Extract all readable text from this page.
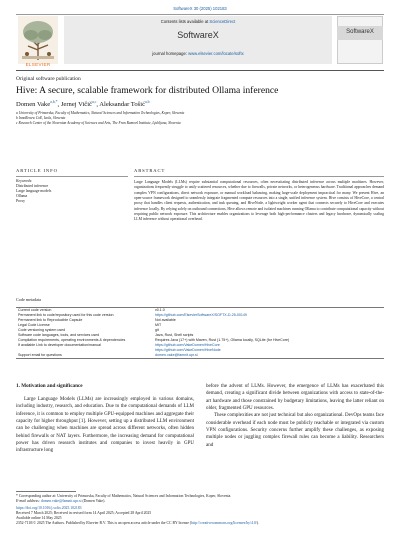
SoftwareX 30 (2025) 102183
ELSEVIER
Contents lists available at ScienceDirect
SoftwareX
journal homepage: www.elsevier.com/locate/softx
SoftwareX
Original software publication
Hive: A secure, scalable framework for distributed Ollama inference
Domen Vake$^{a,b,*}$, Jernej Vičič$^{a,c}$, Aleksandar Tošić$^{a,b}$
a University of Primorska, Faculty of Mathematics, Natural Sciences and Information Technologies, Koper, Slovenia
b InnoRenew CoE, Izola, Slovenia
c Research Centre of the Slovenian Academy of Sciences and Arts, The Fran Ramovš Institute, Ljubljana, Slovenia
ARTICLE INFO
Keywords:
Distributed inference
Large language models
Ollama
Proxy
ABSTRACT
Large Language Models (LLMs) require substantial computational resources, often necessitating distributed inference across multiple machines. However, organizations frequently struggle to unify scattered resources, whether due to firewalls, private networks, or heterogeneous hardware. Traditional approaches demand complex VPN configurations, direct network exposure, or manual workload balancing, making large-scale deployment impractical for many. We present Hive, an open-source framework designed to seamlessly integrate fragmented compute resources into a single, unified inference system. Hive consists of HiveCore, a central proxy that handles client requests, authentication, and task queuing, and HiveNode, a lightweight worker agent that connects securely to HiveCore and executes inference locally. By relying solely on outbound connections, Hive allows remote and isolated machines running Ollama to contribute computational capacity without requiring public network exposure. This architecture enables organizations to leverage both high-performance clusters and legacy hardware, dynamically scaling LLM inference without operational overhead.
Code metadata
Current code version	v0.1.0
Permanent link to code/repository used for this code version	https://github.com/ElsevierSoftwareX/SOFTX-D-25-00149
Permanent link to Reproducible Capsule	Not available
Legal Code License	MIT
Code versioning system used	git
Software code languages, tools, and services used	Java, Rust, Shell scripts
Compilation requirements, operating environments & dependencies	Requires Java (17+) with Maven, Rust (1.75+), Ollama locally, SQLite (for HiveCore)
If available Link to developer documentation/manual	https://github.com/VakeDomen/HiveCore
	https://github.com/VakeDomen/HiveNode
Support email for questions	domen.vake@famnit.upr.si
1. Motivation and significance

Large Language Models (LLMs) are increasingly employed in various domains, including industry, research, and education. Due to the computational demands of LLM inference, it is common to employ multiple GPU-equipped machines and aggregate their capacity for higher throughput [1]. However, setting up a distributed LLM environment can be challenging when machines are spread across different networks, often hidden behind firewalls or NAT layers. Furthermore, the increasing demand for computational power has driven research institutes and companies to invest heavily in GPU infrastructure long

before the advent of LLMs. However, the emergence of LLMs has exacerbated this demand, creating a significant divide between organizations with access to state-of-the-art hardware and those constrained by budgetary limitations, leaving the latter reliant on older, fragmented GPU resources.

These complexities are not just technical but also organizational. DevOps teams face considerable overhead if each node must be publicly reachable or integrated via custom VPN configurations. Security concerns further amplify these challenges, as exposing multiple nodes or juggling complex firewall rules can become a liability. Researchers and

* Corresponding author at: University of Primorska, Faculty of Mathematics, Natural Sciences and Information Technologies, Koper, Slovenia.
E-mail address: domen.vake@famnit.upr.si (Domen Vake).
https://doi.org/10.1016/j.softx.2025.102183
Received 7 March 2025; Received in revised form 14 April 2025; Accepted 28 April 2025
Available online 14 May 2025
2352-7110/© 2025 The Authors. Published by Elsevier B.V. This is an open access article under the CC BY license (http://creativecommons.org/licenses/by/4.0/).
